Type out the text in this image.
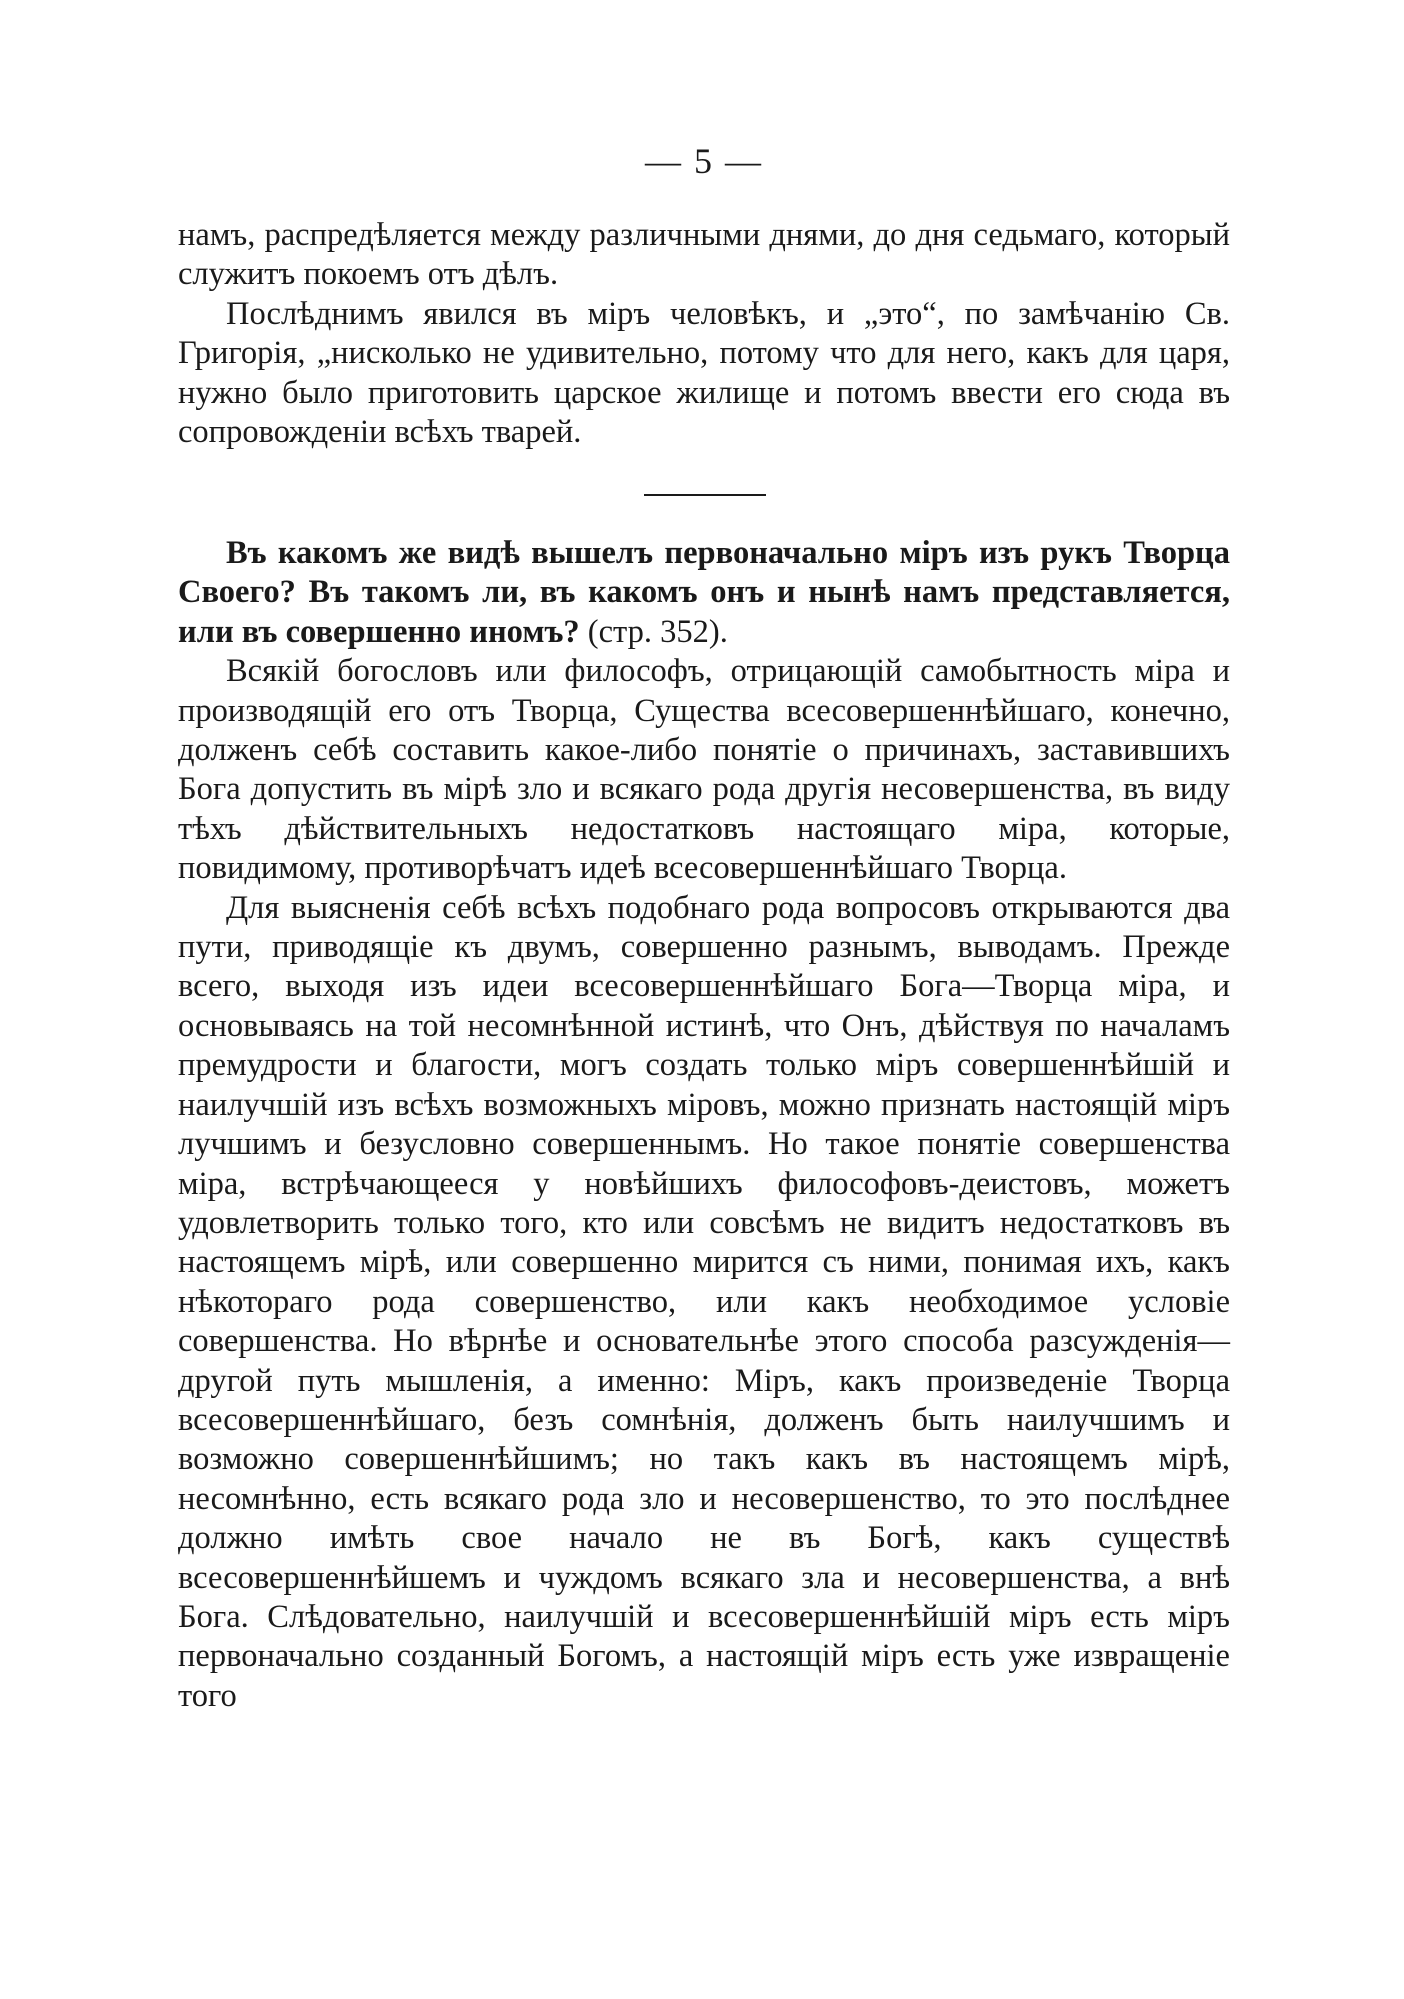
— 5 —

намъ, распредѣляется между различными днями, до дня седьмаго, который служитъ покоемъ отъ дѣлъ.

Послѣднимъ явился въ міръ человѣкъ, и „это“, по замѣчанію Св. Григорія, „нисколько не удивительно, потому что для него, какъ для царя, нужно было приготовить царское жилище и потомъ ввести его сюда въ сопровожденіи всѣхъ тварей.

Въ какомъ же видѣ вышелъ первоначально міръ изъ рукъ Творца Своего? Въ такомъ ли, въ какомъ онъ и нынѣ намъ представляется, или въ совершенно иномъ? (стр. 352).

Всякій богословъ или философъ, отрицающій самобытность міра и производящій его отъ Творца, Существа всесовершеннѣйшаго, конечно, долженъ себѣ составить какое-либо понятіе о причинахъ, заставившихъ Бога допустить въ мірѣ зло и всякаго рода другія несовершенства, въ виду тѣхъ дѣйствительныхъ недостатковъ настоящаго міра, которые, повидимому, противорѣчатъ идеѣ всесовершеннѣйшаго Творца.

Для выясненія себѣ всѣхъ подобнаго рода вопросовъ открываются два пути, приводящіе къ двумъ, совершенно разнымъ, выводамъ. Прежде всего, выходя изъ идеи всесовершеннѣйшаго Бога—Творца міра, и основываясь на той несомнѣнной истинѣ, что Онъ, дѣйствуя по началамъ премудрости и благости, могъ создать только міръ совершеннѣйшій и наилучшій изъ всѣхъ возможныхъ міровъ, можно признать настоящій міръ лучшимъ и безусловно совершеннымъ. Но такое понятіе совершенства міра, встрѣчающееся у новѣйшихъ философовъ-деистовъ, можетъ удовлетворить только того, кто или совсѣмъ не видитъ недостатковъ въ настоящемъ мірѣ, или совершенно мирится съ ними, понимая ихъ, какъ нѣкотораго рода совершенство, или какъ необходимое условіе совершенства. Но вѣрнѣе и основательнѣе этого способа разсужденія—другой путь мышленія, а именно: Міръ, какъ произведеніе Творца всесовершеннѣйшаго, безъ сомнѣнія, долженъ быть наилучшимъ и возможно совершеннѣйшимъ; но такъ какъ въ настоящемъ мірѣ, несомнѣнно, есть всякаго рода зло и несовершенство, то это послѣднее должно имѣть свое начало не въ Богѣ, какъ существѣ всесовершеннѣйшемъ и чуждомъ всякаго зла и несовершенства, а внѣ Бога. Слѣдовательно, наилучшій и всесовершеннѣйшій міръ есть міръ первоначально созданный Богомъ, а настоящій міръ есть уже извращеніе того
